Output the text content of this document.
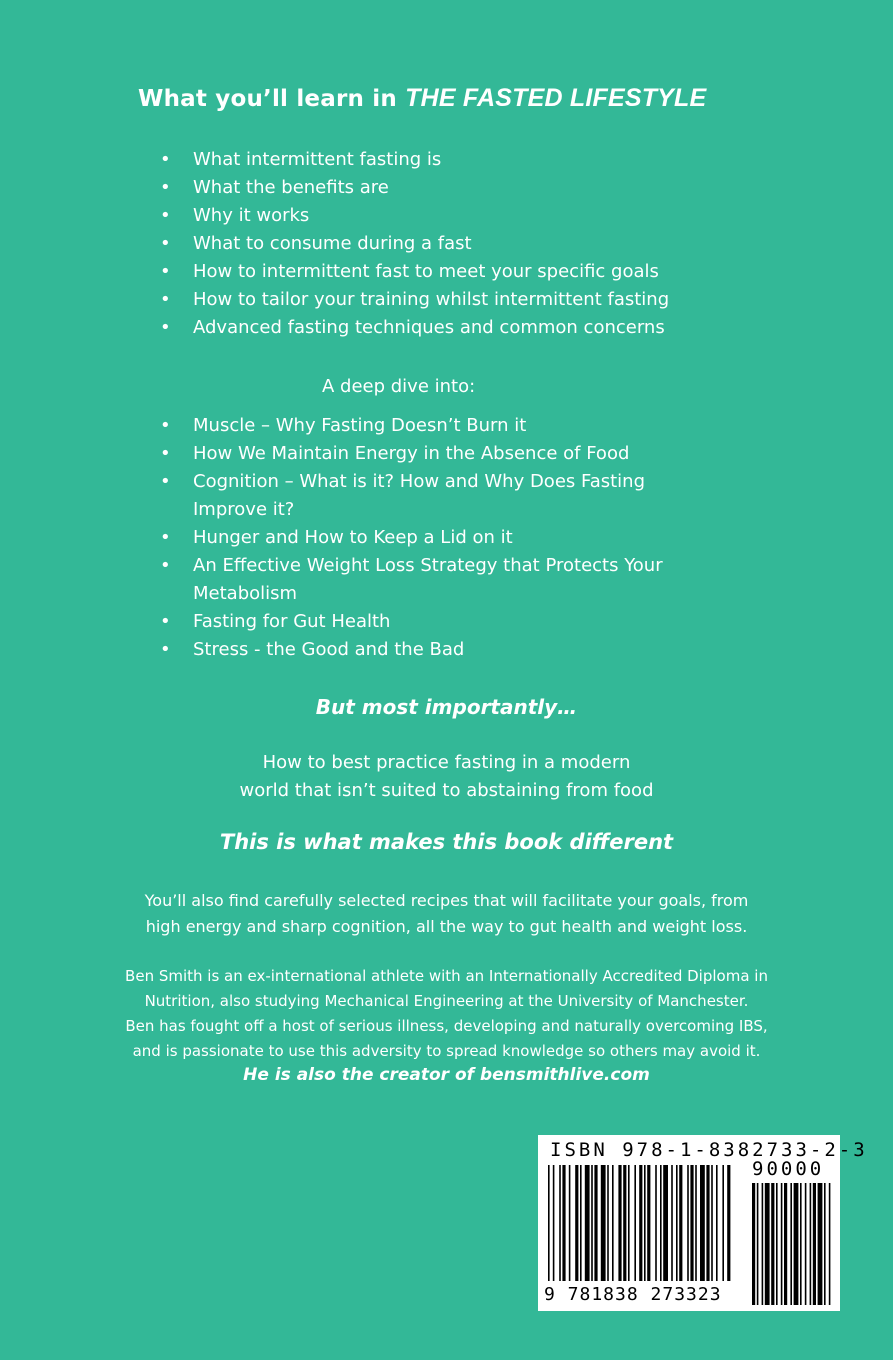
What you’ll learn in THE FASTED LIFESTYLE
• What intermittent fasting is
• What the benefits are
• Why it works
• What to consume during a fast
• How to intermittent fast to meet your specific goals
• How to tailor your training whilst intermittent fasting
• Advanced fasting techniques and common concerns
A deep dive into:
• Muscle – Why Fasting Doesn’t Burn it
• How We Maintain Energy in the Absence of Food
• Cognition – What is it? How and Why Does Fasting Improve it?
• Hunger and How to Keep a Lid on it
• An Effective Weight Loss Strategy that Protects Your Metabolism
• Fasting for Gut Health
• Stress - the Good and the Bad
But most importantly…
How to best practice fasting in a modern
world that isn’t suited to abstaining from food
This is what makes this book different
You’ll also find carefully selected recipes that will facilitate your goals, from
high energy and sharp cognition, all the way to gut health and weight loss.
Ben Smith is an ex-international athlete with an Internationally Accredited Diploma in
Nutrition, also studying Mechanical Engineering at the University of Manchester.
Ben has fought off a host of serious illness, developing and naturally overcoming IBS,
and is passionate to use this adversity to spread knowledge so others may avoid it.
He is also the creator of bensmithlive.com
ISBN 978-1-8382733-2-3
90000
9 781838 273323
